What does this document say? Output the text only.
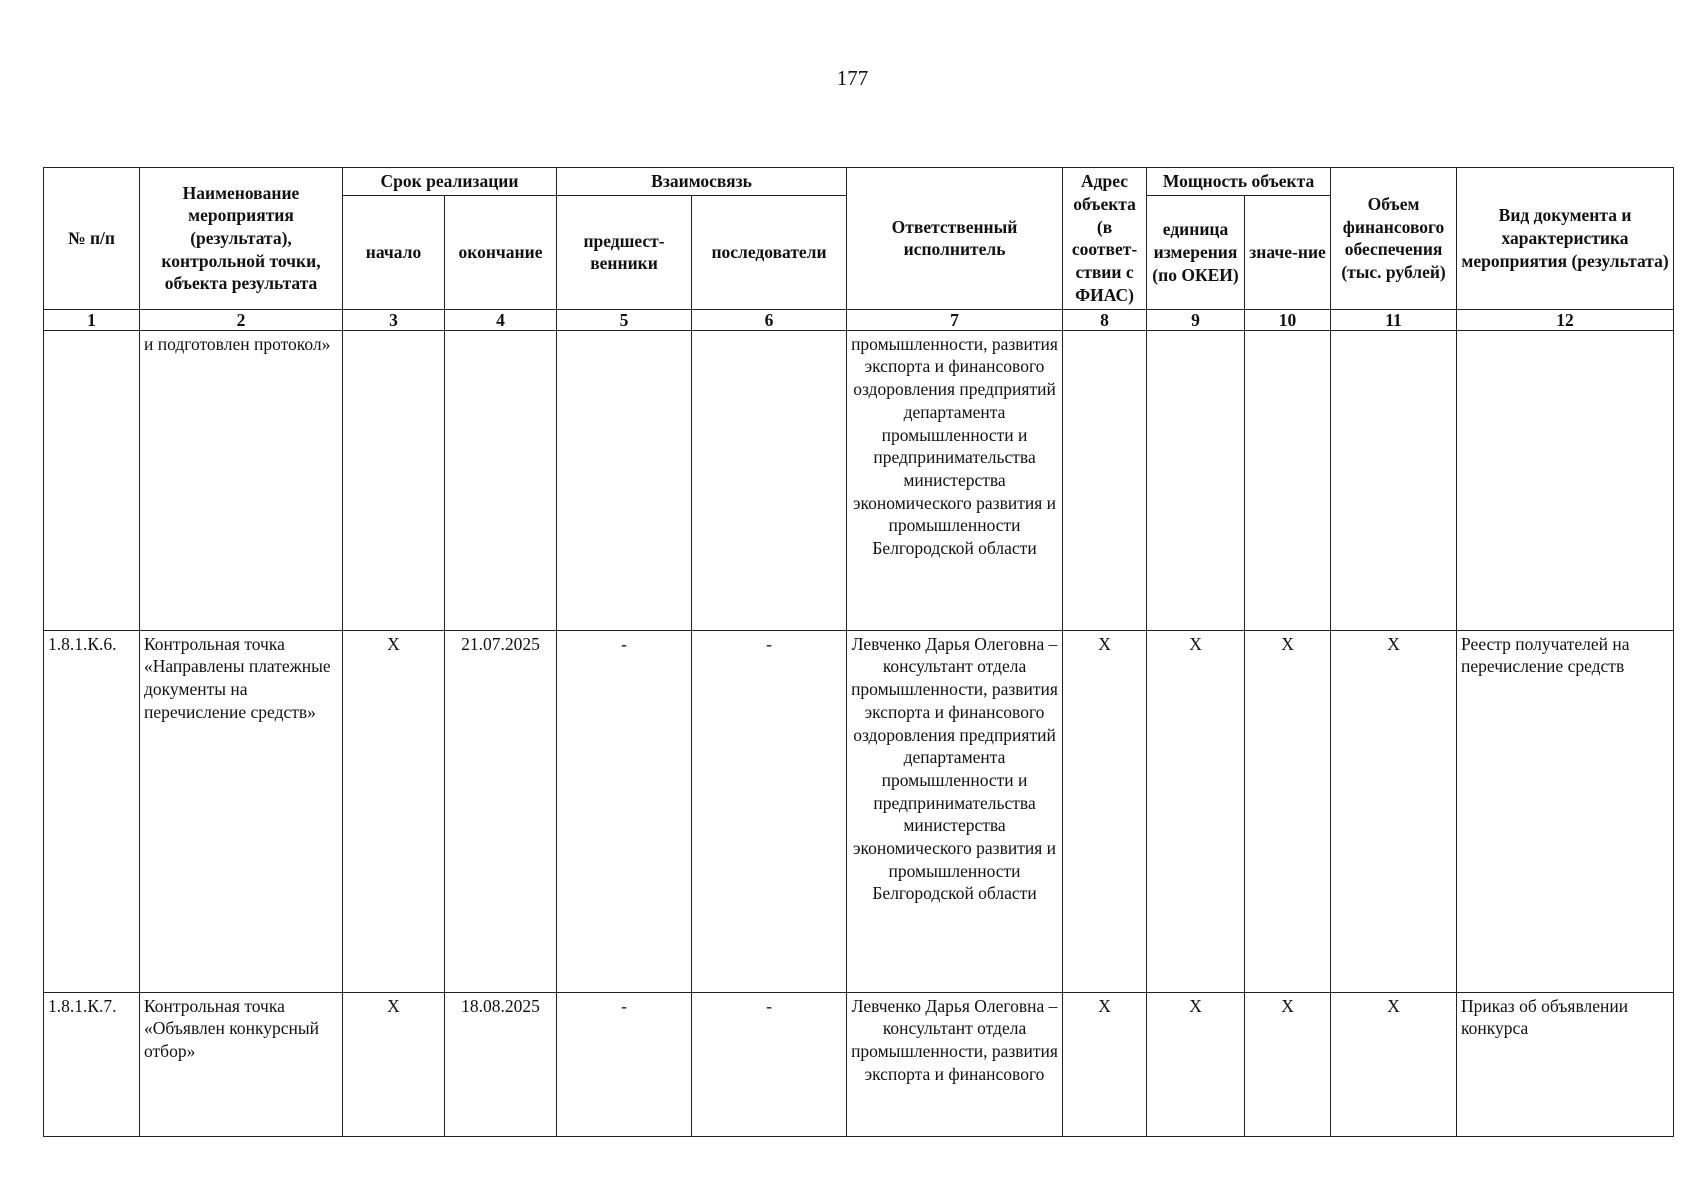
177
№ п/п	Наименование мероприятия (результата), контрольной точки, объекта результата	Срок реализации		Взаимосвязь		Ответственный исполнитель	Адрес объекта (в соответ-ствии с ФИАС)	Мощность объекта		Объем финансового обеспечения (тыс. рублей)	Вид документа и характеристика мероприятия (результата)
		начало	окончание	предшест-венники	последователи			единица измерения (по ОКЕИ)	значе-ние		
1	2	3	4	5	6	7	8	9	10	11	12
	и подготовлен протокол»					промышленности, развития экспорта и финансового оздоровления предприятий департамента промышленности и предпринимательства министерства экономического развития и промышленности Белгородской области					
1.8.1.К.6.	Контрольная точка «Направлены платежные документы на перечисление средств»	Х	21.07.2025	-	-	Левченко Дарья Олеговна – консультант отдела промышленности, развития экспорта и финансового оздоровления предприятий департамента промышленности и предпринимательства министерства экономического развития и промышленности Белгородской области	Х	Х	Х	Х	Реестр получателей на перечисление средств
1.8.1.К.7.	Контрольная точка «Объявлен конкурсный отбор»	Х	18.08.2025	-	-	Левченко Дарья Олеговна – консультант отдела промышленности, развития экспорта и финансового	Х	Х	Х	Х	Приказ об объявлении конкурса
